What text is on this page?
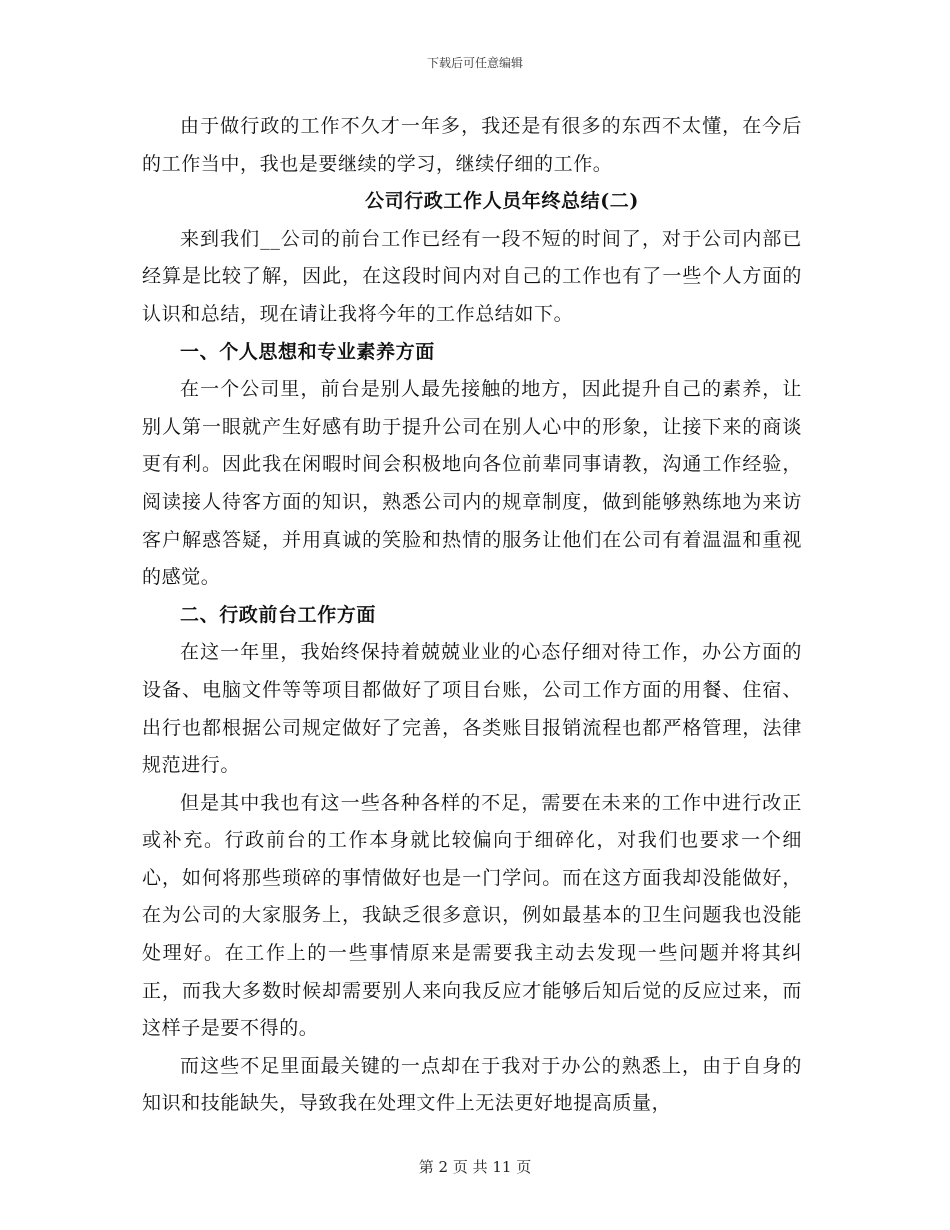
下载后可任意编辑

由于做行政的工作不久才一年多，我还是有很多的东西不太懂，在今后的工作当中，我也是要继续的学习，继续仔细的工作。

公司行政工作人员年终总结(二)

来到我们__公司的前台工作已经有一段不短的时间了，对于公司内部已经算是比较了解，因此，在这段时间内对自己的工作也有了一些个人方面的认识和总结，现在请让我将今年的工作总结如下。

一、个人思想和专业素养方面

在一个公司里，前台是别人最先接触的地方，因此提升自己的素养，让别人第一眼就产生好感有助于提升公司在别人心中的形象，让接下来的商谈更有利。因此我在闲暇时间会积极地向各位前辈同事请教，沟通工作经验，阅读接人待客方面的知识，熟悉公司内的规章制度，做到能够熟练地为来访客户解惑答疑，并用真诚的笑脸和热情的服务让他们在公司有着温温和重视的感觉。

二、行政前台工作方面

在这一年里，我始终保持着兢兢业业的心态仔细对待工作，办公方面的设备、电脑文件等等项目都做好了项目台账，公司工作方面的用餐、住宿、出行也都根据公司规定做好了完善，各类账目报销流程也都严格管理，法律规范进行。

但是其中我也有这一些各种各样的不足，需要在未来的工作中进行改正或补充。行政前台的工作本身就比较偏向于细碎化，对我们也要求一个细心，如何将那些琐碎的事情做好也是一门学问。而在这方面我却没能做好，在为公司的大家服务上，我缺乏很多意识，例如最基本的卫生问题我也没能处理好。在工作上的一些事情原来是需要我主动去发现一些问题并将其纠正，而我大多数时候却需要别人来向我反应才能够后知后觉的反应过来，而这样子是要不得的。

而这些不足里面最关键的一点却在于我对于办公的熟悉上，由于自身的知识和技能缺失，导致我在处理文件上无法更好地提高质量，

第 2 页 共 11 页
